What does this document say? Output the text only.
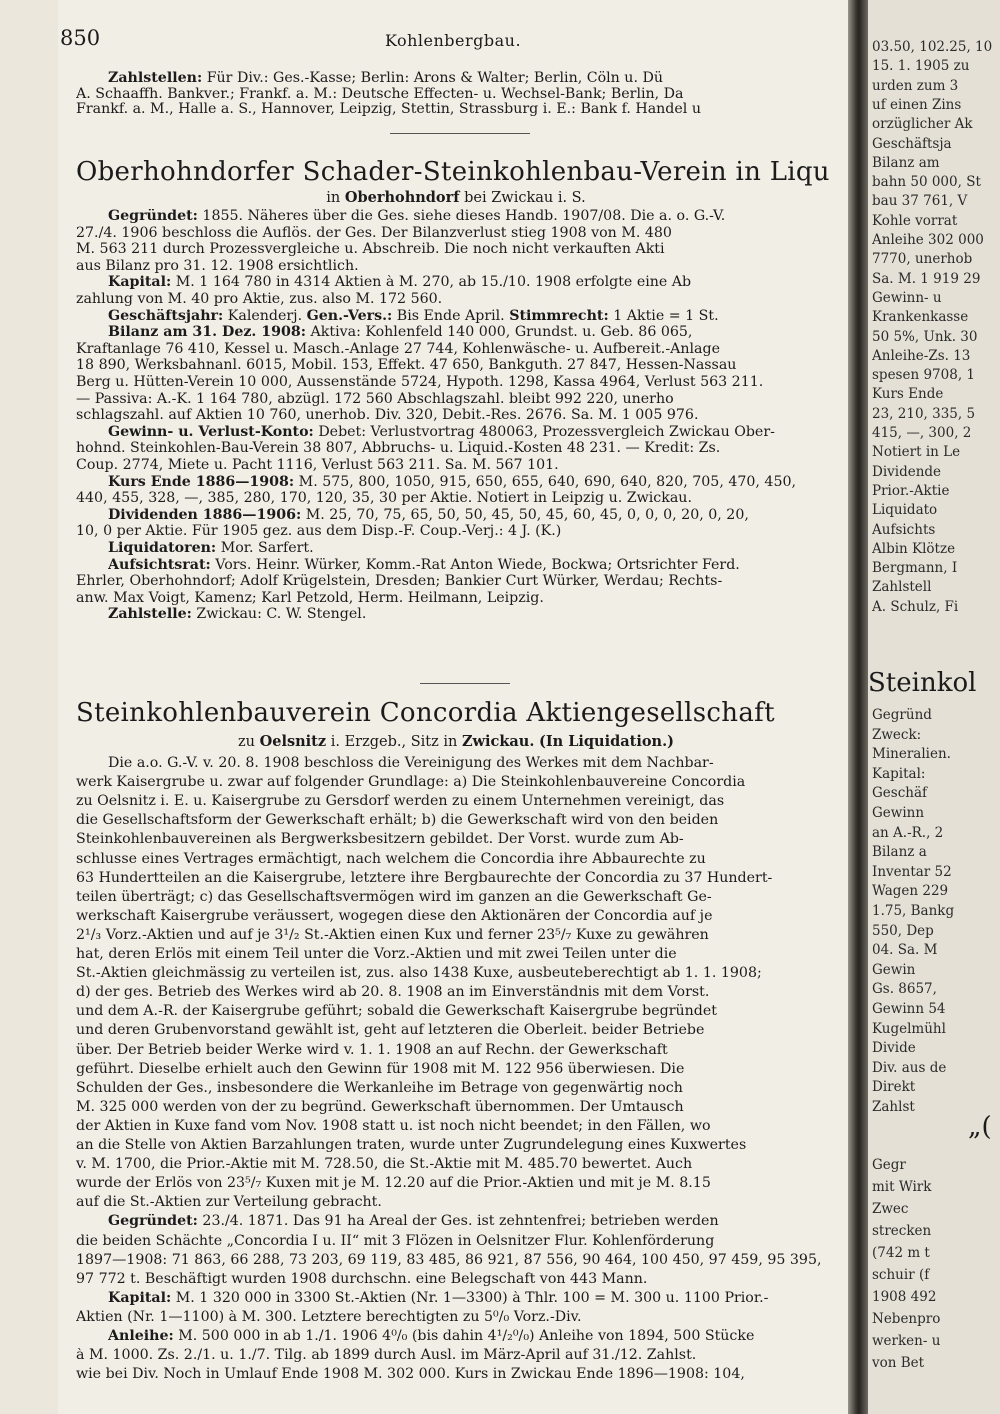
03.50, 102.25, 10
15. 1. 1905 zu
urden zum 3
uf einen Zins
orzüglicher Ak
Geschäftsja
Bilanz am
bahn 50 000, St
bau 37 761, V
Kohle vorrat
Anleihe 302 000
7770, unerhob
Sa. M. 1 919 29
Gewinn- u
Krankenkasse
50 5%, Unk. 30
Anleihe-Zs. 13
spesen 9708, 1
Kurs Ende
23, 210, 335, 5
415, —, 300, 2
Notiert in Le
Dividende
Prior.-Aktie
Liquidato
Aufsichts
Albin Klötze
Bergmann, I
Zahlstell
A. Schulz, Fi
Steinkol
Gegründ
Zweck:
Mineralien.
Kapital:
Geschäf
Gewinn
an A.-R., 2
Bilanz a
Inventar 52
Wagen 229
1.75, Bankg
550, Dep
04. Sa. M
Gewin
Gs. 8657,
Gewinn 54
Kugelmühl
Divide
Div. aus de
Direkt
Zahlst
„(
Gegr
mit Wirk
Zwec
strecken
(742 m t
schuir (f
1908 492
Nebenpro
werken- u
von Bet
850	Kohlenbergbau.
Zahlstellen: Für Div.: Ges.-Kasse; Berlin: Arons & Walter; Berlin, Cöln u. Dü
A. Schaaffh. Bankver.; Frankf. a. M.: Deutsche Effecten- u. Wechsel-Bank; Berlin, Da
Frankf. a. M., Halle a. S., Hannover, Leipzig, Stettin, Strassburg i. E.: Bank f. Handel u
Oberhohndorfer Schader-Steinkohlenbau-Verein in Liqu
in Oberhohndorf bei Zwickau i. S.
Gegründet: 1855. Näheres über die Ges. siehe dieses Handb. 1907/08. Die a. o. G.-V.
27./4. 1906 beschloss die Auflös. der Ges. Der Bilanzverlust stieg 1908 von M. 480
M. 563 211 durch Prozessvergleiche u. Abschreib. Die noch nicht verkauften Akti
aus Bilanz pro 31. 12. 1908 ersichtlich.
Kapital: M. 1 164 780 in 4314 Aktien à M. 270, ab 15./10. 1908 erfolgte eine Ab
zahlung von M. 40 pro Aktie, zus. also M. 172 560.
Geschäftsjahr: Kalenderj. Gen.-Vers.: Bis Ende April. Stimmrecht: 1 Aktie = 1 St.
Bilanz am 31. Dez. 1908: Aktiva: Kohlenfeld 140 000, Grundst. u. Geb. 86 065,
Kraftanlage 76 410, Kessel u. Masch.-Anlage 27 744, Kohlenwäsche- u. Aufbereit.-Anlage
18 890, Werksbahnanl. 6015, Mobil. 153, Effekt. 47 650, Bankguth. 27 847, Hessen-Nassau
Berg u. Hütten-Verein 10 000, Aussenstände 5724, Hypoth. 1298, Kassa 4964, Verlust 563 211.
— Passiva: A.-K. 1 164 780, abzügl. 172 560 Abschlagszahl. bleibt 992 220, unerho
schlagszahl. auf Aktien 10 760, unerhob. Div. 320, Debit.-Res. 2676. Sa. M. 1 005 976.
Gewinn- u. Verlust-Konto: Debet: Verlustvortrag 480063, Prozessvergleich Zwickau Ober-
hohnd. Steinkohlen-Bau-Verein 38 807, Abbruchs- u. Liquid.-Kosten 48 231. — Kredit: Zs.
Coup. 2774, Miete u. Pacht 1116, Verlust 563 211. Sa. M. 567 101.
Kurs Ende 1886—1908: M. 575, 800, 1050, 915, 650, 655, 640, 690, 640, 820, 705, 470, 450,
440, 455, 328, —, 385, 280, 170, 120, 35, 30 per Aktie. Notiert in Leipzig u. Zwickau.
Dividenden 1886—1906: M. 25, 70, 75, 65, 50, 50, 45, 50, 45, 60, 45, 0, 0, 0, 20, 0, 20,
10, 0 per Aktie. Für 1905 gez. aus dem Disp.-F. Coup.-Verj.: 4 J. (K.)
Liquidatoren: Mor. Sarfert.
Aufsichtsrat: Vors. Heinr. Würker, Komm.-Rat Anton Wiede, Bockwa; Ortsrichter Ferd.
Ehrler, Oberhohndorf; Adolf Krügelstein, Dresden; Bankier Curt Würker, Werdau; Rechts-
anw. Max Voigt, Kamenz; Karl Petzold, Herm. Heilmann, Leipzig.
Zahlstelle: Zwickau: C. W. Stengel.
Steinkohlenbauverein Concordia Aktiengesellschaft
zu Oelsnitz i. Erzgeb., Sitz in Zwickau. (In Liquidation.)
Die a.o. G.-V. v. 20. 8. 1908 beschloss die Vereinigung des Werkes mit dem Nachbar-
werk Kaisergrube u. zwar auf folgender Grundlage: a) Die Steinkohlenbauvereine Concordia
zu Oelsnitz i. E. u. Kaisergrube zu Gersdorf werden zu einem Unternehmen vereinigt, das
die Gesellschaftsform der Gewerkschaft erhält; b) die Gewerkschaft wird von den beiden
Steinkohlenbauvereinen als Bergwerksbesitzern gebildet. Der Vorst. wurde zum Ab-
schlusse eines Vertrages ermächtigt, nach welchem die Concordia ihre Abbaurechte zu
63 Hundertteilen an die Kaisergrube, letztere ihre Bergbaurechte der Concordia zu 37 Hundert-
teilen überträgt; c) das Gesellschaftsvermögen wird im ganzen an die Gewerkschaft Ge-
werkschaft Kaisergrube veräussert, wogegen diese den Aktionären der Concordia auf je
2¹/₃ Vorz.-Aktien und auf je 3¹/₂ St.-Aktien einen Kux und ferner 23⁵/₇ Kuxe zu gewähren
hat, deren Erlös mit einem Teil unter die Vorz.-Aktien und mit zwei Teilen unter die
St.-Aktien gleichmässig zu verteilen ist, zus. also 1438 Kuxe, ausbeuteberechtigt ab 1. 1. 1908;
d) der ges. Betrieb des Werkes wird ab 20. 8. 1908 an im Einverständnis mit dem Vorst.
und dem A.-R. der Kaisergrube geführt; sobald die Gewerkschaft Kaisergrube begründet
und deren Grubenvorstand gewählt ist, geht auf letzteren die Oberleit. beider Betriebe
über. Der Betrieb beider Werke wird v. 1. 1. 1908 an auf Rechn. der Gewerkschaft
geführt. Dieselbe erhielt auch den Gewinn für 1908 mit M. 122 956 überwiesen. Die
Schulden der Ges., insbesondere die Werkanleihe im Betrage von gegenwärtig noch
M. 325 000 werden von der zu begründ. Gewerkschaft übernommen. Der Umtausch
der Aktien in Kuxe fand vom Nov. 1908 statt u. ist noch nicht beendet; in den Fällen, wo
an die Stelle von Aktien Barzahlungen traten, wurde unter Zugrundelegung eines Kuxwertes
v. M. 1700, die Prior.-Aktie mit M. 728.50, die St.-Aktie mit M. 485.70 bewertet. Auch
wurde der Erlös von 23⁵/₇ Kuxen mit je M. 12.20 auf die Prior.-Aktien und mit je M. 8.15
auf die St.-Aktien zur Verteilung gebracht.
Gegründet: 23./4. 1871. Das 91 ha Areal der Ges. ist zehntenfrei; betrieben werden
die beiden Schächte „Concordia I u. II“ mit 3 Flözen in Oelsnitzer Flur. Kohlenförderung
1897—1908: 71 863, 66 288, 73 203, 69 119, 83 485, 86 921, 87 556, 90 464, 100 450, 97 459, 95 395,
97 772 t. Beschäftigt wurden 1908 durchschn. eine Belegschaft von 443 Mann.
Kapital: M. 1 320 000 in 3300 St.-Aktien (Nr. 1—3300) à Thlr. 100 = M. 300 u. 1100 Prior.-
Aktien (Nr. 1—1100) à M. 300. Letztere berechtigten zu 5⁰/₀ Vorz.-Div.
Anleihe: M. 500 000 in ab 1./1. 1906 4⁰/₀ (bis dahin 4¹/₂⁰/₀) Anleihe von 1894, 500 Stücke
à M. 1000. Zs. 2./1. u. 1./7. Tilg. ab 1899 durch Ausl. im März-April auf 31./12. Zahlst.
wie bei Div. Noch in Umlauf Ende 1908 M. 302 000. Kurs in Zwickau Ende 1896—1908: 104,
